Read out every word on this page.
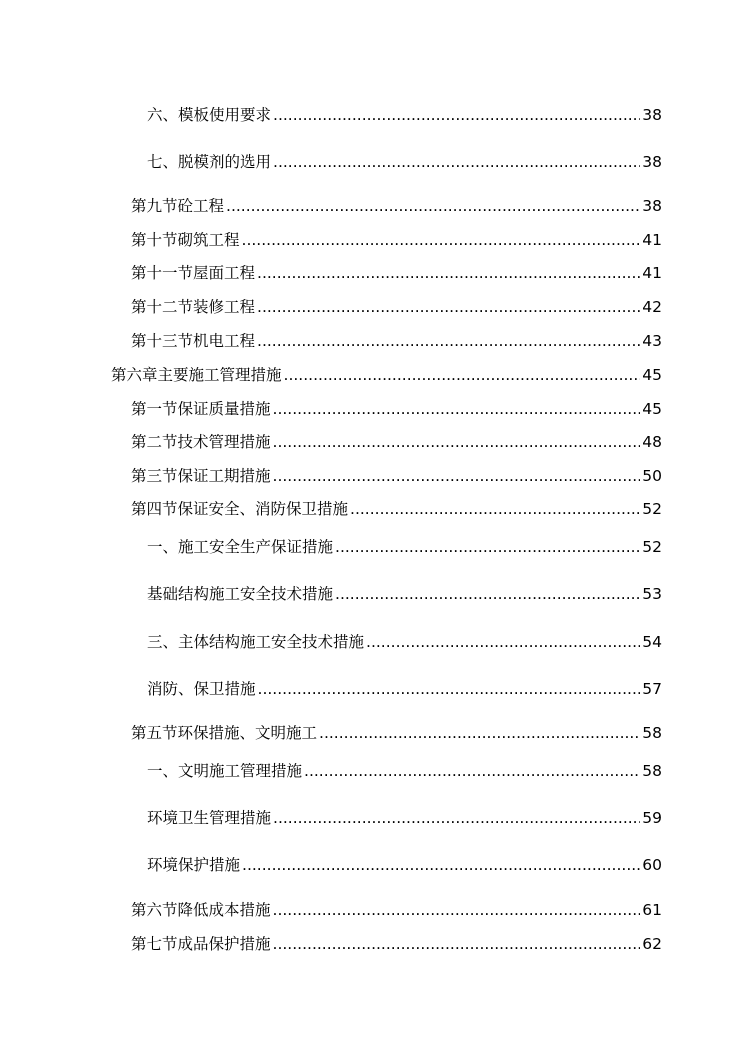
六、模板使用要求 .....	38
七、脱模剂的选用 .....	38
第九节 砼工程 .....	38
第十节 砌筑工程 .....	41
第十一节 屋面工程 .....	41
第十二节 装修工程 .....	42
第十三节 机电工程 .....	43
第六章 主要施工管理措施 .....	45
第一节 保证质量措施 .....	45
第二节 技术管理措施 .....	48
第三节 保证工期措施 .....	50
第四节 保证安全、消防保卫措施 .....	52
一、施工安全生产保证措施 .....	52
基础结构施工安全技术措施 .....	53
三、主体结构施工安全技术措施 .....	54
消防、保卫措施 .....	57
第五节 环保措施、文明施工 .....	58
一、文明施工管理措施 .....	58
环境卫生管理措施 .....	59
环境保护措施 .....	60
第六节 降低成本措施 .....	61
第七节 成品保护措施 .....	62
